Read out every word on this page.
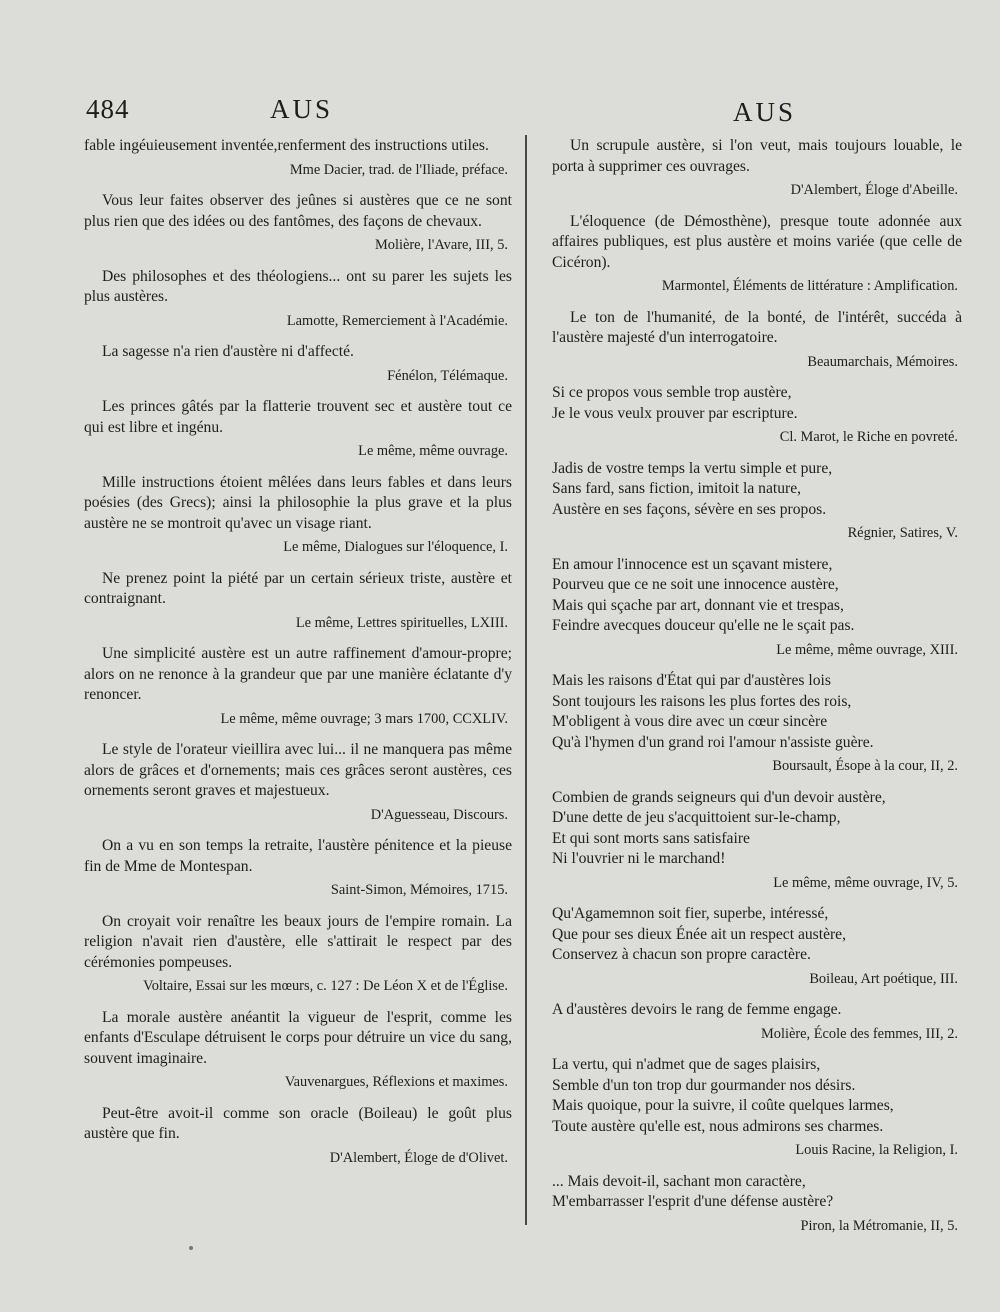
484	AUS	AUS
fable ingéuieusement inventée,renferment des instructions utiles.
Mme Dacier, trad. de l'Iliade, préface.
Vous leur faites observer des jeûnes si austères que ce ne sont plus rien que des idées ou des fantômes, des façons de chevaux.
Molière, l'Avare, III, 5.
Des philosophes et des théologiens... ont su parer les sujets les plus austères.
Lamotte, Remerciement à l'Académie.
La sagesse n'a rien d'austère ni d'affecté.
Fénélon, Télémaque.
Les princes gâtés par la flatterie trouvent sec et austère tout ce qui est libre et ingénu.
Le même, même ouvrage.
Mille instructions étoient mêlées dans leurs fables et dans leurs poésies (des Grecs); ainsi la philosophie la plus grave et la plus austère ne se montroit qu'avec un visage riant.
Le même, Dialogues sur l'éloquence, I.
Ne prenez point la piété par un certain sérieux triste, austère et contraignant.
Le même, Lettres spirituelles, LXIII.
Une simplicité austère est un autre raffinement d'amour-propre; alors on ne renonce à la grandeur que par une manière éclatante d'y renoncer.
Le même, même ouvrage; 3 mars 1700, CCXLIV.
Le style de l'orateur vieillira avec lui... il ne manquera pas même alors de grâces et d'ornements; mais ces grâces seront austères, ces ornements seront graves et majestueux.
D'Aguesseau, Discours.
On a vu en son temps la retraite, l'austère pénitence et la pieuse fin de Mme de Montespan.
Saint-Simon, Mémoires, 1715.
On croyait voir renaître les beaux jours de l'empire romain. La religion n'avait rien d'austère, elle s'attirait le respect par des cérémonies pompeuses.
Voltaire, Essai sur les mœurs, c. 127 : De Léon X et de l'Église.
La morale austère anéantit la vigueur de l'esprit, comme les enfants d'Esculape détruisent le corps pour détruire un vice du sang, souvent imaginaire.
Vauvenargues, Réflexions et maximes.
Peut-être avoit-il comme son oracle (Boileau) le goût plus austère que fin.
D'Alembert, Éloge de d'Olivet.
Un scrupule austère, si l'on veut, mais toujours louable, le porta à supprimer ces ouvrages.
D'Alembert, Éloge d'Abeille.
L'éloquence (de Démosthène), presque toute adonnée aux affaires publiques, est plus austère et moins variée (que celle de Cicéron).
Marmontel, Éléments de littérature : Amplification.
Le ton de l'humanité, de la bonté, de l'intérêt, succéda à l'austère majesté d'un interrogatoire.
Beaumarchais, Mémoires.
Si ce propos vous semble trop austère,
Je le vous veulx prouver par escripture.
Cl. Marot, le Riche en povreté.
Jadis de vostre temps la vertu simple et pure,
Sans fard, sans fiction, imitoit la nature,
Austère en ses façons, sévère en ses propos.
Régnier, Satires, V.
En amour l'innocence est un sçavant mistere,
Pourveu que ce ne soit une innocence austère,
Mais qui sçache par art, donnant vie et trespas,
Feindre avecques douceur qu'elle ne le sçait pas.
Le même, même ouvrage, XIII.
Mais les raisons d'État qui par d'austères lois
Sont toujours les raisons les plus fortes des rois,
M'obligent à vous dire avec un cœur sincère
Qu'à l'hymen d'un grand roi l'amour n'assiste guère.
Boursault, Ésope à la cour, II, 2.
Combien de grands seigneurs qui d'un devoir austère,
D'une dette de jeu s'acquittoient sur-le-champ,
Et qui sont morts sans satisfaire
Ni l'ouvrier ni le marchand!
Le même, même ouvrage, IV, 5.
Qu'Agamemnon soit fier, superbe, intéressé,
Que pour ses dieux Énée ait un respect austère,
Conservez à chacun son propre caractère.
Boileau, Art poétique, III.
A d'austères devoirs le rang de femme engage.
Molière, École des femmes, III, 2.
La vertu, qui n'admet que de sages plaisirs,
Semble d'un ton trop dur gourmander nos désirs.
Mais quoique, pour la suivre, il coûte quelques larmes,
Toute austère qu'elle est, nous admirons ses charmes.
Louis Racine, la Religion, I.
... Mais devoit-il, sachant mon caractère,
M'embarrasser l'esprit d'une défense austère?
Piron, la Métromanie, II, 5.
